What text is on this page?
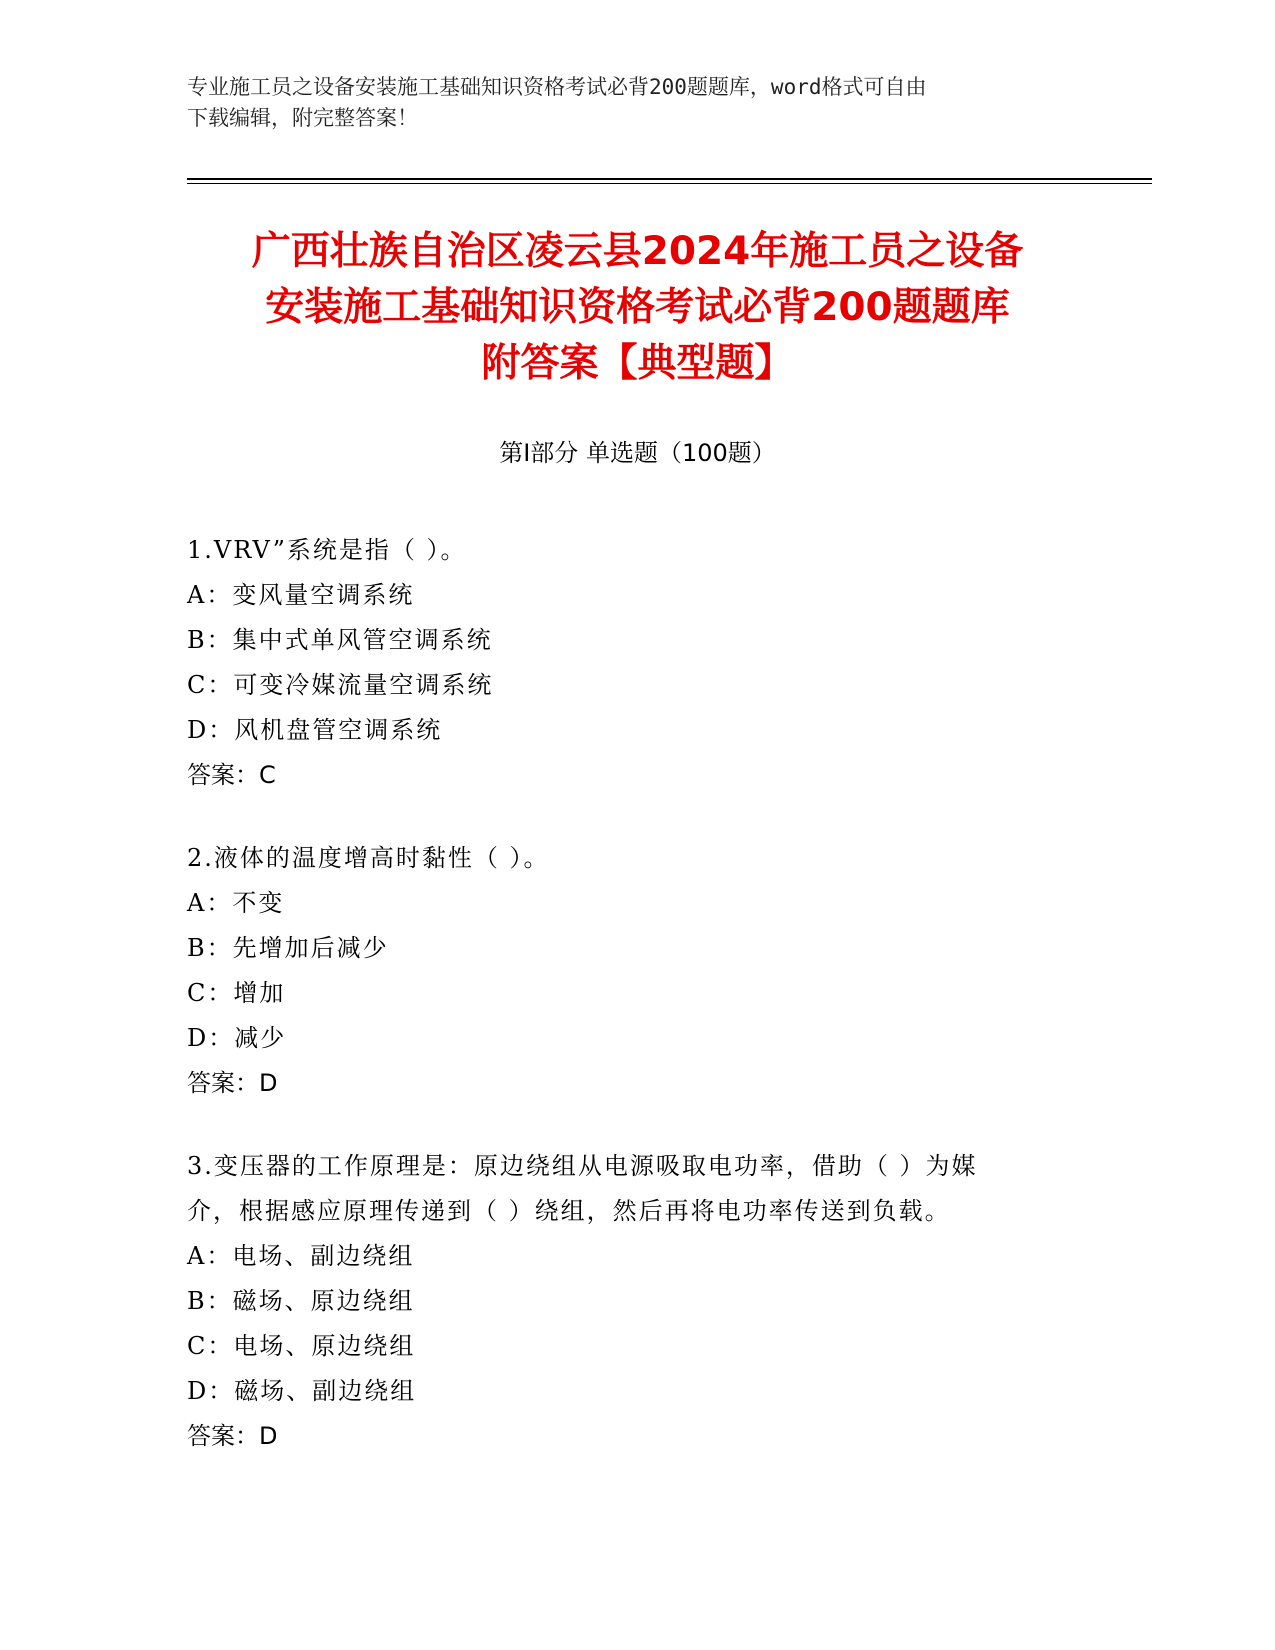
专业施工员之设备安装施工基础知识资格考试必背200题题库，word格式可自由
下载编辑，附完整答案！
广西壮族自治区凌云县2024年施工员之设备
安装施工基础知识资格考试必背200题题库
附答案【典型题】
第Ⅰ部分 单选题（100题）

1.VRV”系统是指（ ）。

A：变风量空调系统

B：集中式单风管空调系统

C：可变冷媒流量空调系统

D：风机盘管空调系统

答案：C

2.液体的温度增高时黏性（ ）。

A：不变

B：先增加后减少

C：增加

D：减少

答案：D

3.变压器的工作原理是：原边绕组从电源吸取电功率，借助（ ）为媒

介，根据感应原理传递到（ ）绕组，然后再将电功率传送到负载。

A：电场、副边绕组

B：磁场、原边绕组

C：电场、原边绕组

D：磁场、副边绕组

答案：D
